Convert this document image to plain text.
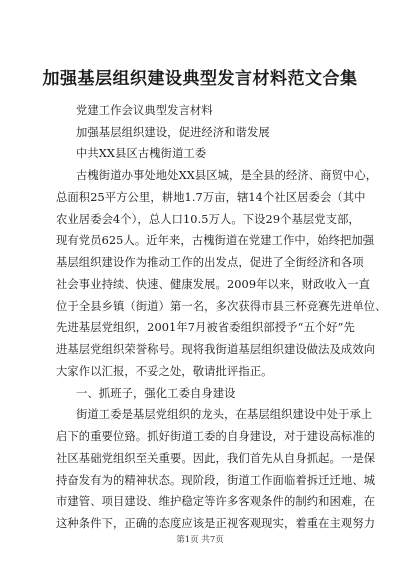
加强基层组织建设典型发言材料范文合集
第1页 共7页
党建工作会议典型发言材料
加强基层组织建设，促进经济和谐发展
中共XX县区古槐街道工委
古槐街道办事处地处XX县区城，是全县的经济、商贸中心，
总面积25平方公里，耕地1.7万亩，辖14个社区居委会（其中
农业居委会4个），总人口10.5万人。下设29个基层党支部，
现有党员625人。近年来，古槐街道在党建工作中，始终把加强
基层组织建设作为推动工作的出发点，促进了全街经济和各项
社会事业持续、快速、健康发展。2009年以来，财政收入一直
位于全县乡镇（街道）第一名，多次获得市县三杯竞赛先进单位、
先进基层党组织，2001年7月被省委组织部授予“五个好”先
进基层党组织荣誉称号。现将我街道基层组织建设做法及成效向
大家作以汇报，不妥之处，敬请批评指正。
一、抓班子，强化工委自身建设
街道工委是基层党组织的龙头，在基层组织建设中处于承上
启下的重要位臵。抓好街道工委的自身建设，对于建设高标准的
社区基础党组织至关重要。因此，我们首先从自身抓起。一是保
持奋发有为的精神状态。现阶段，街道工作面临着拆迁迁地、城
市建管、项目建设、维护稳定等许多客观条件的制约和困难，在
这种条件下，正确的态度应该是正视客观现实，着重在主观努力
